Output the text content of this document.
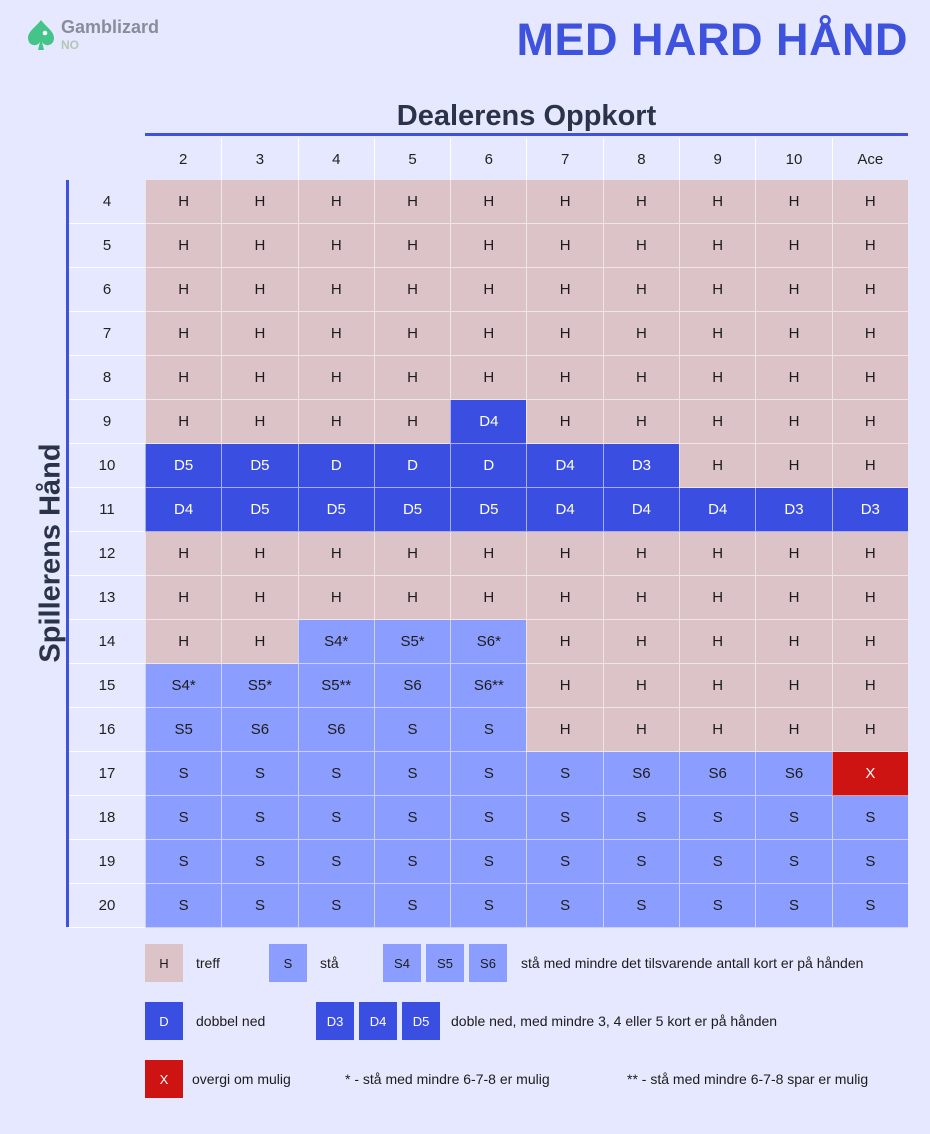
Gamblizard
NO	MED HARD HÅND
Dealerens Oppkort
Spillerens Hånd
2	3	4	5	6	7	8	9	10	Ace
4	H	H	H	H	H	H	H	H	H	H
5	H	H	H	H	H	H	H	H	H	H
6	H	H	H	H	H	H	H	H	H	H
7	H	H	H	H	H	H	H	H	H	H
8	H	H	H	H	H	H	H	H	H	H
9	H	H	H	H	D4	H	H	H	H	H
10	D5	D5	D	D	D	D4	D3	H	H	H
11	D4	D5	D5	D5	D5	D4	D4	D4	D3	D3
12	H	H	H	H	H	H	H	H	H	H
13	H	H	H	H	H	H	H	H	H	H
14	H	H	S4*	S5*	S6*	H	H	H	H	H
15	S4*	S5*	S5**	S6	S6**	H	H	H	H	H
16	S5	S6	S6	S	S	H	H	H	H	H
17	S	S	S	S	S	S	S6	S6	S6	X
18	S	S	S	S	S	S	S	S	S	S
19	S	S	S	S	S	S	S	S	S	S
20	S	S	S	S	S	S	S	S	S	S
H	treff	S	stå	S4	S5	S6	stå med mindre det tilsvarende antall kort er på hånden
D	dobbel ned	D3	D4	D5	doble ned, med mindre 3, 4 eller 5 kort er på hånden
X	overgi om mulig	* - stå med mindre 6-7-8 er mulig	** - stå med mindre 6-7-8 spar er mulig
